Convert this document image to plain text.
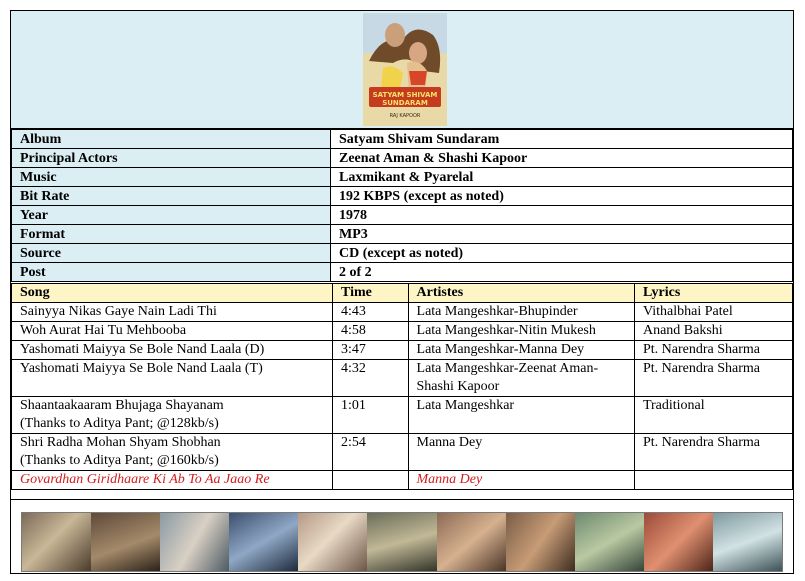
SATYAM SHIVAM
SUNDARAM
RAJ KAPOOR
Album	Satyam Shivam Sundaram
Principal Actors	Zeenat Aman & Shashi Kapoor
Music	Laxmikant & Pyarelal
Bit Rate	192 KBPS (except as noted)
Year	1978
Format	MP3
Source	CD (except as noted)
Post	2 of 2
Song	Time	Artistes	Lyrics
Sainyya Nikas Gaye Nain Ladi Thi	4:43	Lata Mangeshkar-Bhupinder	Vithalbhai Patel
Woh Aurat Hai Tu Mehbooba	4:58	Lata Mangeshkar-Nitin Mukesh	Anand Bakshi
Yashomati Maiyya Se Bole Nand Laala (D)	3:47	Lata Mangeshkar-Manna Dey	Pt. Narendra Sharma
Yashomati Maiyya Se Bole Nand Laala (T)	4:32	Lata Mangeshkar-Zeenat Aman-Shashi Kapoor	Pt. Narendra Sharma
Shaantaakaaram Bhujaga Shayanam
(Thanks to Aditya Pant; @128kb/s)	1:01	Lata Mangeshkar	Traditional
Shri Radha Mohan Shyam Shobhan
(Thanks to Aditya Pant; @160kb/s)	2:54	Manna Dey	Pt. Narendra Sharma
Govardhan Giridhaare Ki Ab To Aa Jaao Re		Manna Dey	
